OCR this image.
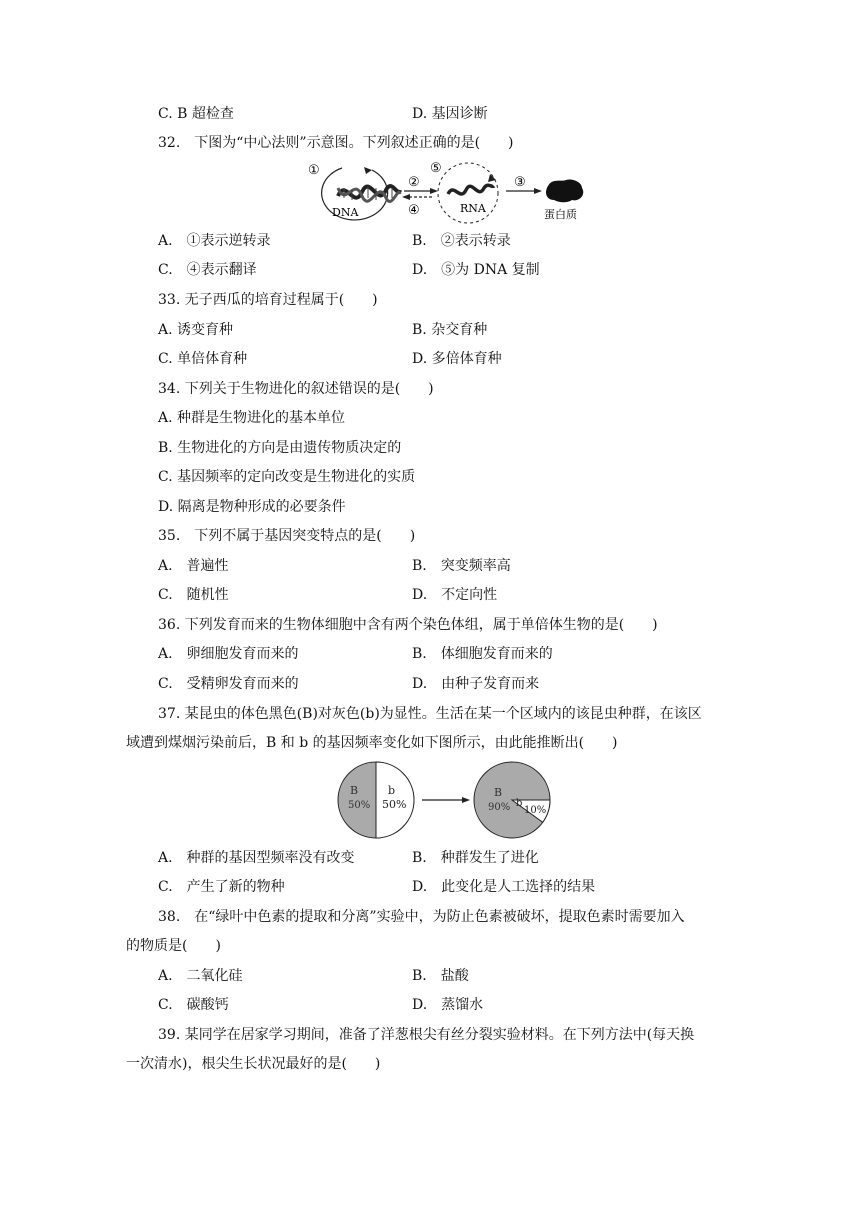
C. B 超检查	D. 基因诊断
32.　下图为“中心法则”示意图。下列叙述正确的是(　　)
①
DNA
②
④
⑤
RNA
③
蛋白质
A.　①表示逆转录	B.　②表示转录
C.　④表示翻译	D.　⑤为 DNA 复制
33. 无子西瓜的培育过程属于(　　)
A. 诱变育种	B. 杂交育种
C. 单倍体育种	D. 多倍体育种
34. 下列关于生物进化的叙述错误的是(　　)
A. 种群是生物进化的基本单位
B. 生物进化的方向是由遗传物质决定的
C. 基因频率的定向改变是生物进化的实质
D. 隔离是物种形成的必要条件
35.　下列不属于基因突变特点的是(　　)
A.　普遍性	B.　突变频率高
C.　随机性	D.　不定向性
36. 下列发育而来的生物体细胞中含有两个染色体组，属于单倍体生物的是(　　)
A.　卵细胞发育而来的	B.　体细胞发育而来的
C.　受精卵发育而来的	D.　由种子发育而来
37. 某昆虫的体色黑色(B)对灰色(b)为显性。生活在某一个区域内的该昆虫种群，在该区
域遭到煤烟污染前后，B 和 b 的基因频率变化如下图所示，由此能推断出(　　)
B
50%
b
50%
B
90% b
10%
A.　种群的基因型频率没有改变	B.　种群发生了进化
C.　产生了新的物种	D.　此变化是人工选择的结果
38.　在“绿叶中色素的提取和分离”实验中，为防止色素被破坏，提取色素时需要加入
的物质是(　　)
A.　二氧化硅	B.　盐酸
C.　碳酸钙	D.　蒸馏水
39. 某同学在居家学习期间，准备了洋葱根尖有丝分裂实验材料。在下列方法中(每天换
一次清水)，根尖生长状况最好的是(　　)
